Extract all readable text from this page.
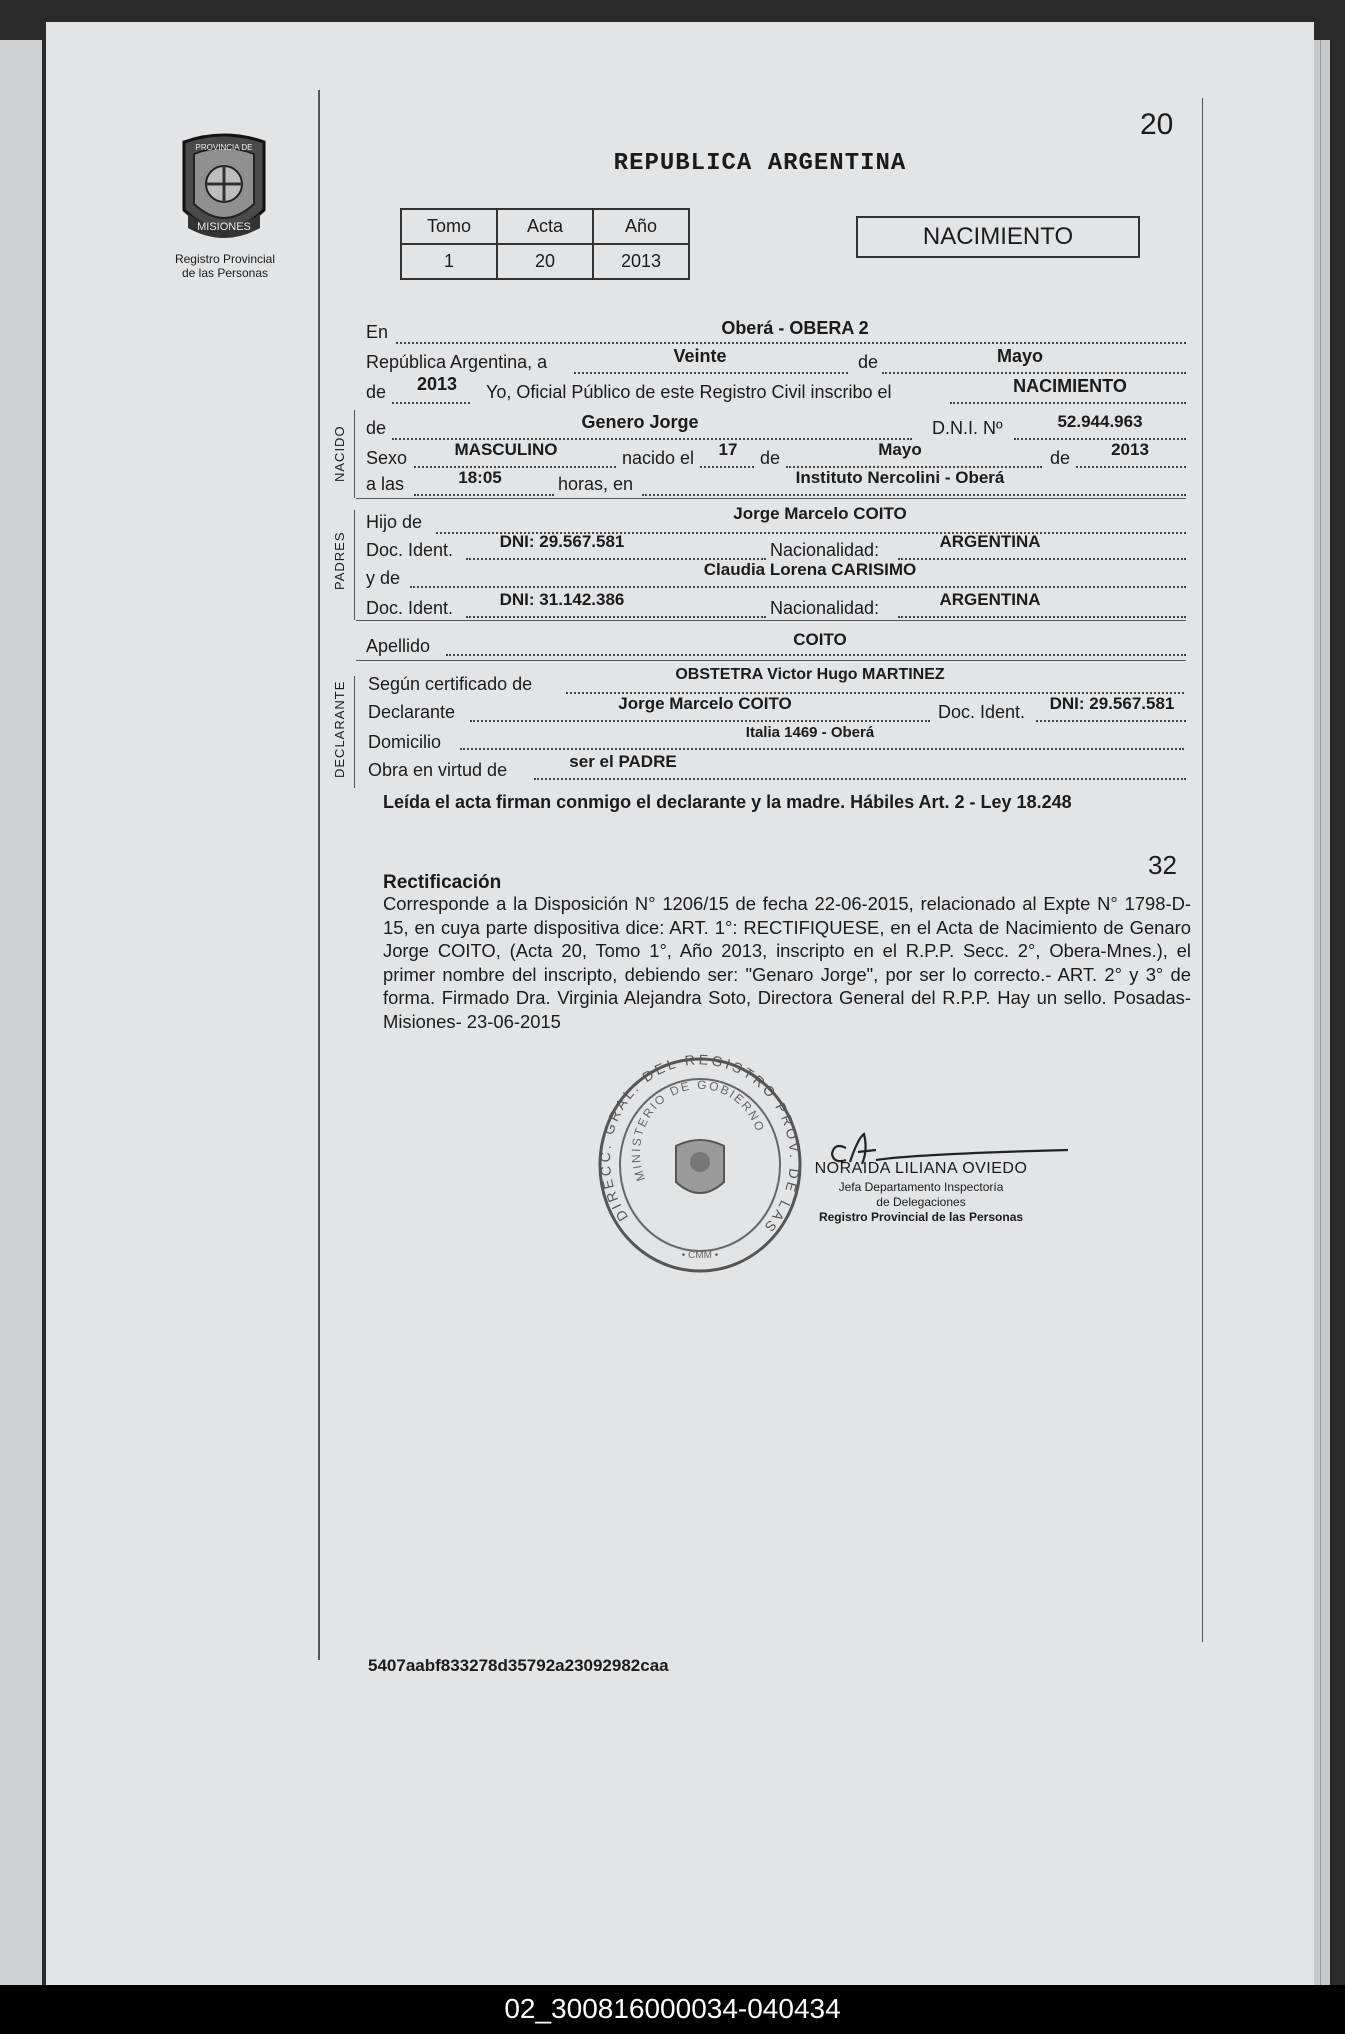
PROVINCIA DE
MISIONES
Registro Provincial
de las Personas
20
REPUBLICA ARGENTINA
Tomo	Acta	Año
1	20	2013
NACIMIENTO
NACIDO
PADRES
DECLARANTE
En	Oberá - OBERA 2
República Argentina, a	Veinte	de	Mayo
de	2013	Yo, Oficial Público de este Registro Civil inscribo el	NACIMIENTO
de	Genero Jorge	D.N.I. Nº	52.944.963
Sexo	MASCULINO	nacido el	17	de	Mayo	de	2013
a las	18:05	horas, en	Instituto Nercolini - Oberá
Hijo de	Jorge Marcelo COITO
Doc. Ident.	DNI: 29.567.581	Nacionalidad:	ARGENTINA
y de	Claudia Lorena CARISIMO
Doc. Ident.	DNI: 31.142.386	Nacionalidad:	ARGENTINA
Apellido	COITO
Según certificado de	OBSTETRA Victor Hugo MARTINEZ
Declarante	Jorge Marcelo COITO	Doc. Ident.	DNI: 29.567.581
Domicilio	Italia 1469 - Oberá
Obra en virtud de	ser el PADRE
Leída el acta firman conmigo el declarante y la madre. Hábiles Art. 2 - Ley 18.248
32
Rectificación
Corresponde a la Disposición N° 1206/15 de fecha 22-06-2015, relacionado al Expte N° 1798-D-15, en cuya parte dispositiva dice: ART. 1°: RECTIFIQUESE, en el Acta de Nacimiento de Genaro Jorge COITO, (Acta 20, Tomo 1°, Año 2013, inscripto en el R.P.P. Secc. 2°, Obera-Mnes.), el primer nombre del inscripto, debiendo ser: "Genaro Jorge", por ser lo correcto.- ART. 2° y 3° de forma. Firmado Dra. Virginia Alejandra Soto, Directora General del R.P.P. Hay un sello. Posadas- Misiones- 23-06-2015
DIRECC. GRAL. DEL REGISTRO PROV. DE LAS
MINISTERIO DE GOBIERNO
• CMM •
NORAIDA LILIANA OVIEDO
Jefa Departamento Inspectoría
de Delegaciones
Registro Provincial de las Personas
5407aabf833278d35792a23092982caa
02_300816000034-040434
